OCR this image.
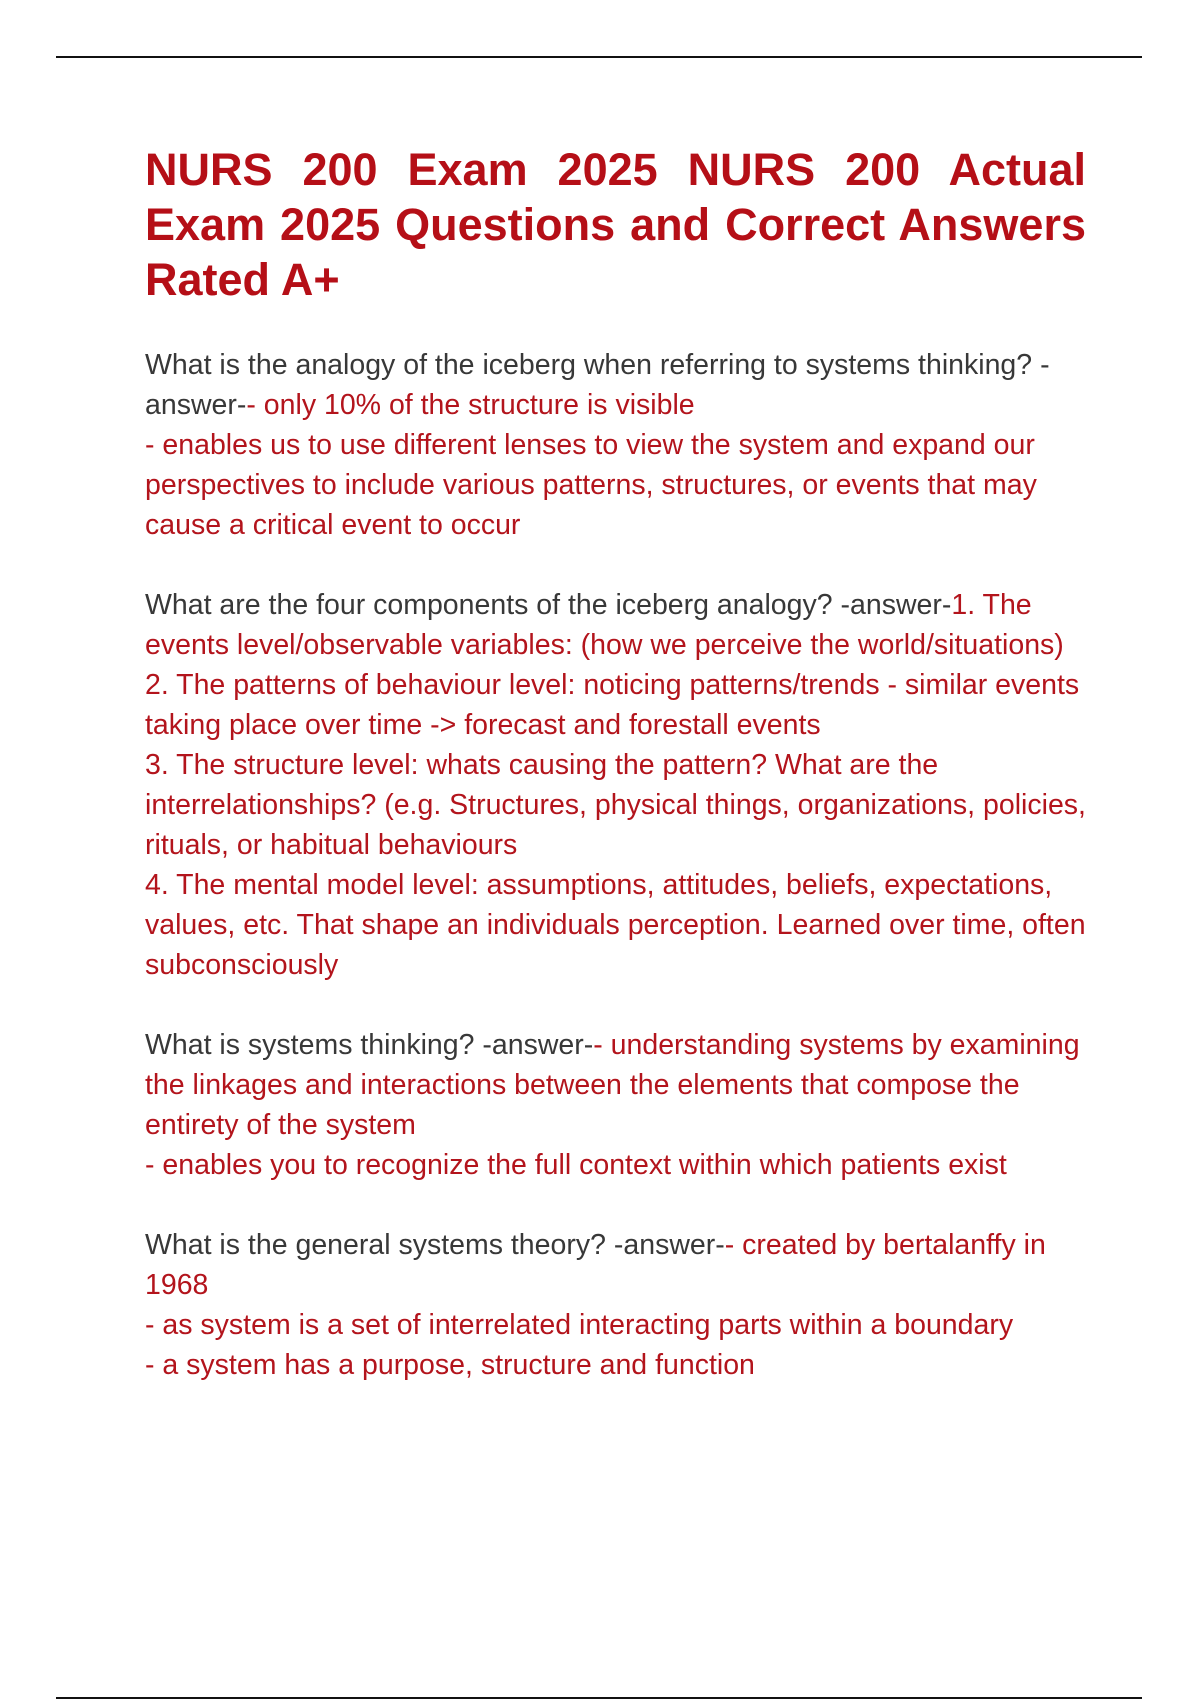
NURS 200 Exam 2025 NURS 200 Actual Exam 2025 Questions and Correct Answers Rated A+
What is the analogy of the iceberg when referring to systems thinking? -answer-- only 10% of the structure is visible
- enables us to use different lenses to view the system and expand our perspectives to include various patterns, structures, or events that may cause a critical event to occur
What are the four components of the iceberg analogy? -answer-1. The events level/observable variables: (how we perceive the world/situations)
2. The patterns of behaviour level: noticing patterns/trends - similar events taking place over time -> forecast and forestall events
3. The structure level: whats causing the pattern? What are the interrelationships? (e.g. Structures, physical things, organizations, policies, rituals, or habitual behaviours
4. The mental model level: assumptions, attitudes, beliefs, expectations, values, etc. That shape an individuals perception. Learned over time, often subconsciously
What is systems thinking? -answer-- understanding systems by examining the linkages and interactions between the elements that compose the entirety of the system
- enables you to recognize the full context within which patients exist
What is the general systems theory? -answer-- created by bertalanffy in 1968
- as system is a set of interrelated interacting parts within a boundary
- a system has a purpose, structure and function
